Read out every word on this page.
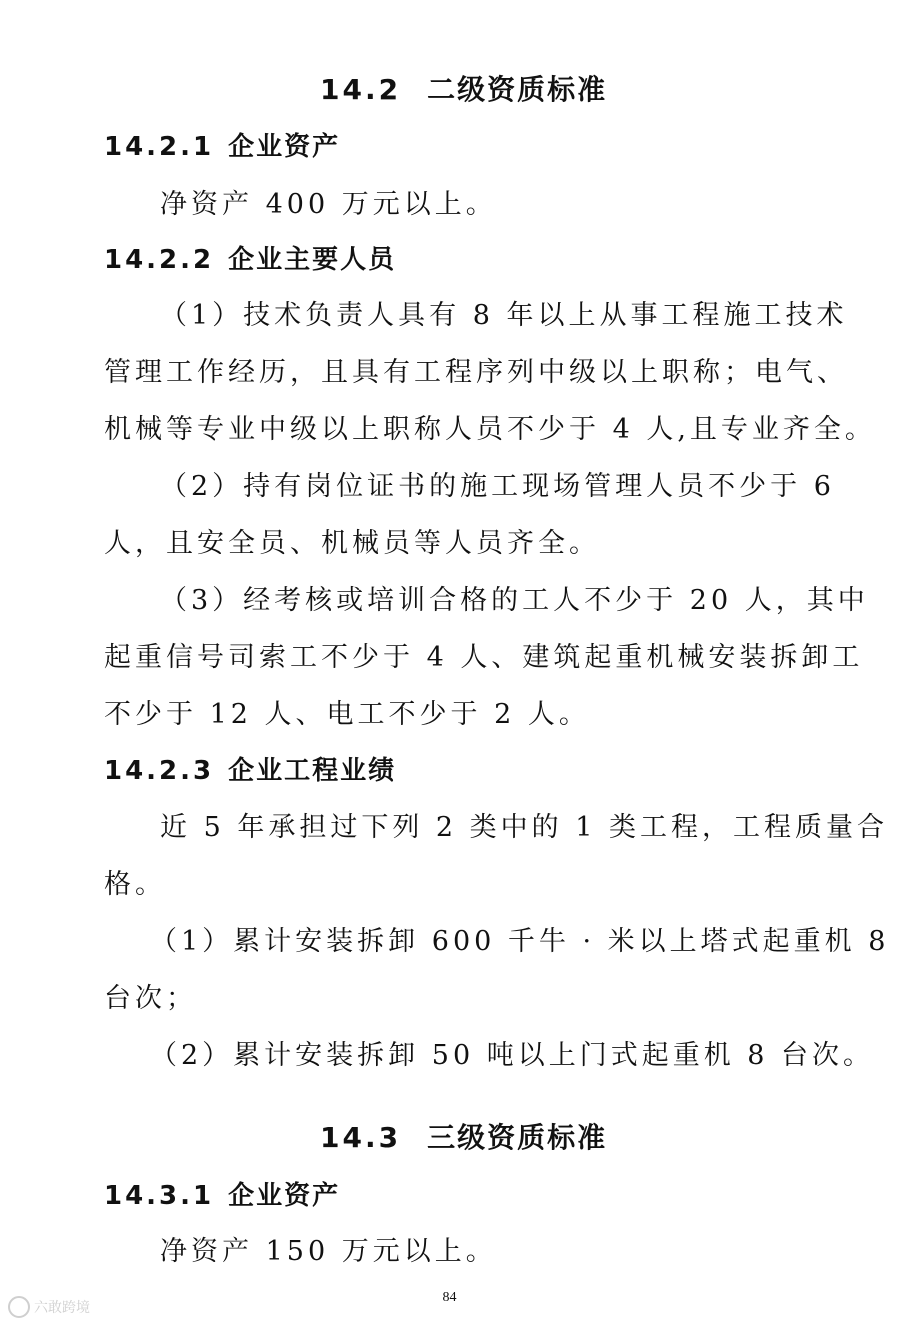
14.2 二级资质标准
14.2.1 企业资产
净资产 400 万元以上。
14.2.2 企业主要人员
（1）技术负责人具有 8 年以上从事工程施工技术
管理工作经历，且具有工程序列中级以上职称；电气、
机械等专业中级以上职称人员不少于 4 人,且专业齐全。
（2）持有岗位证书的施工现场管理人员不少于 6
人，且安全员、机械员等人员齐全。
（3）经考核或培训合格的工人不少于 20 人，其中
起重信号司索工不少于 4 人、建筑起重机械安装拆卸工
不少于 12 人、电工不少于 2 人。
14.2.3 企业工程业绩
近 5 年承担过下列 2 类中的 1 类工程，工程质量合
格。
（1）累计安装拆卸 600 千牛 · 米以上塔式起重机 8
台次；
（2）累计安装拆卸 50 吨以上门式起重机 8 台次。
14.3 三级资质标准
14.3.1 企业资产
净资产 150 万元以上。
84
六敢跨境
